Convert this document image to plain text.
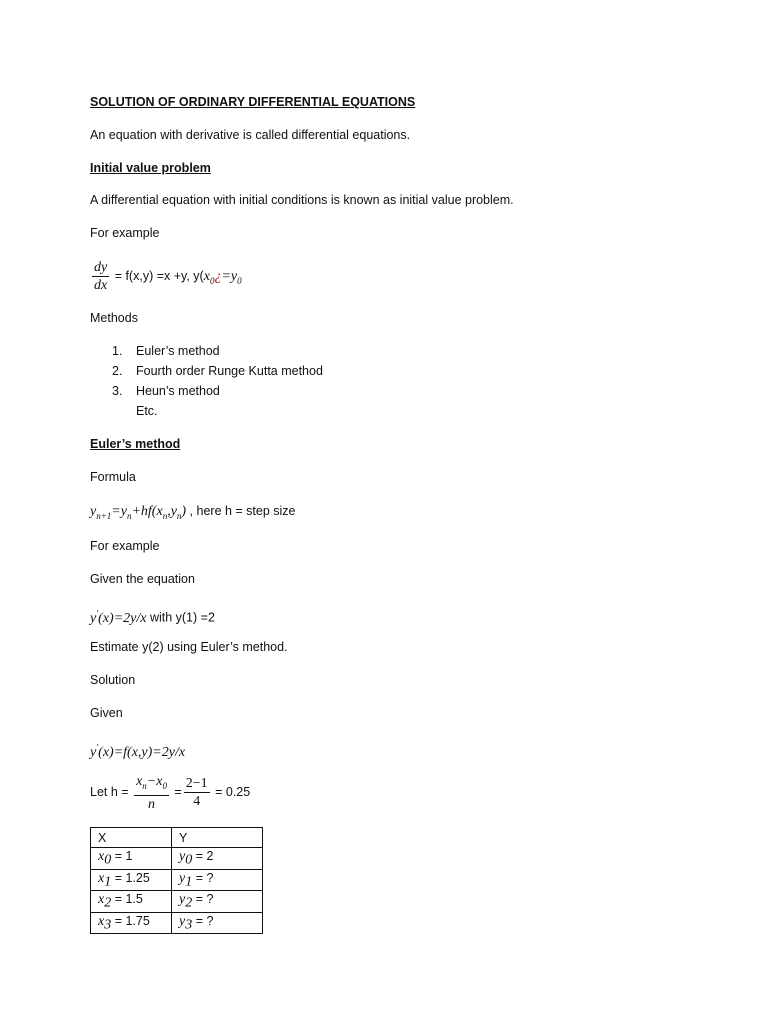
SOLUTION OF ORDINARY DIFFERENTIAL EQUATIONS
An equation with derivative is called differential equations.
Initial value problem
A differential equation with initial conditions is known as initial value problem.
For example
$\frac{dy}{dx} = f(x,y) =x +y$, $y(x_0¿=y_0$
Methods
1. Euler’s method
2. Fourth order Runge Kutta method
3. Heun’s method
Etc.
Euler’s method
Formula
$y_{n+1}=y_n+hf(x_n,y_n)$ , here h = step size
For example
Given the equation
y'(x)=2y/x with y(1) =2
Estimate y(2) using Euler’s method.
Solution
Given
y'(x)=f(x,y)=2y/x
Let $h = \frac{x_n-x_0}{n} = \frac{2-1}{4} = 0.25$
X	Y
$x_0 = 1$	$y_0 = 2$
$x_1 = 1.25$	$y_1$ = ?
$x_2 = 1.5$	$y_2$ = ?
$x_3 = 1.75$	$y_3$ = ?
